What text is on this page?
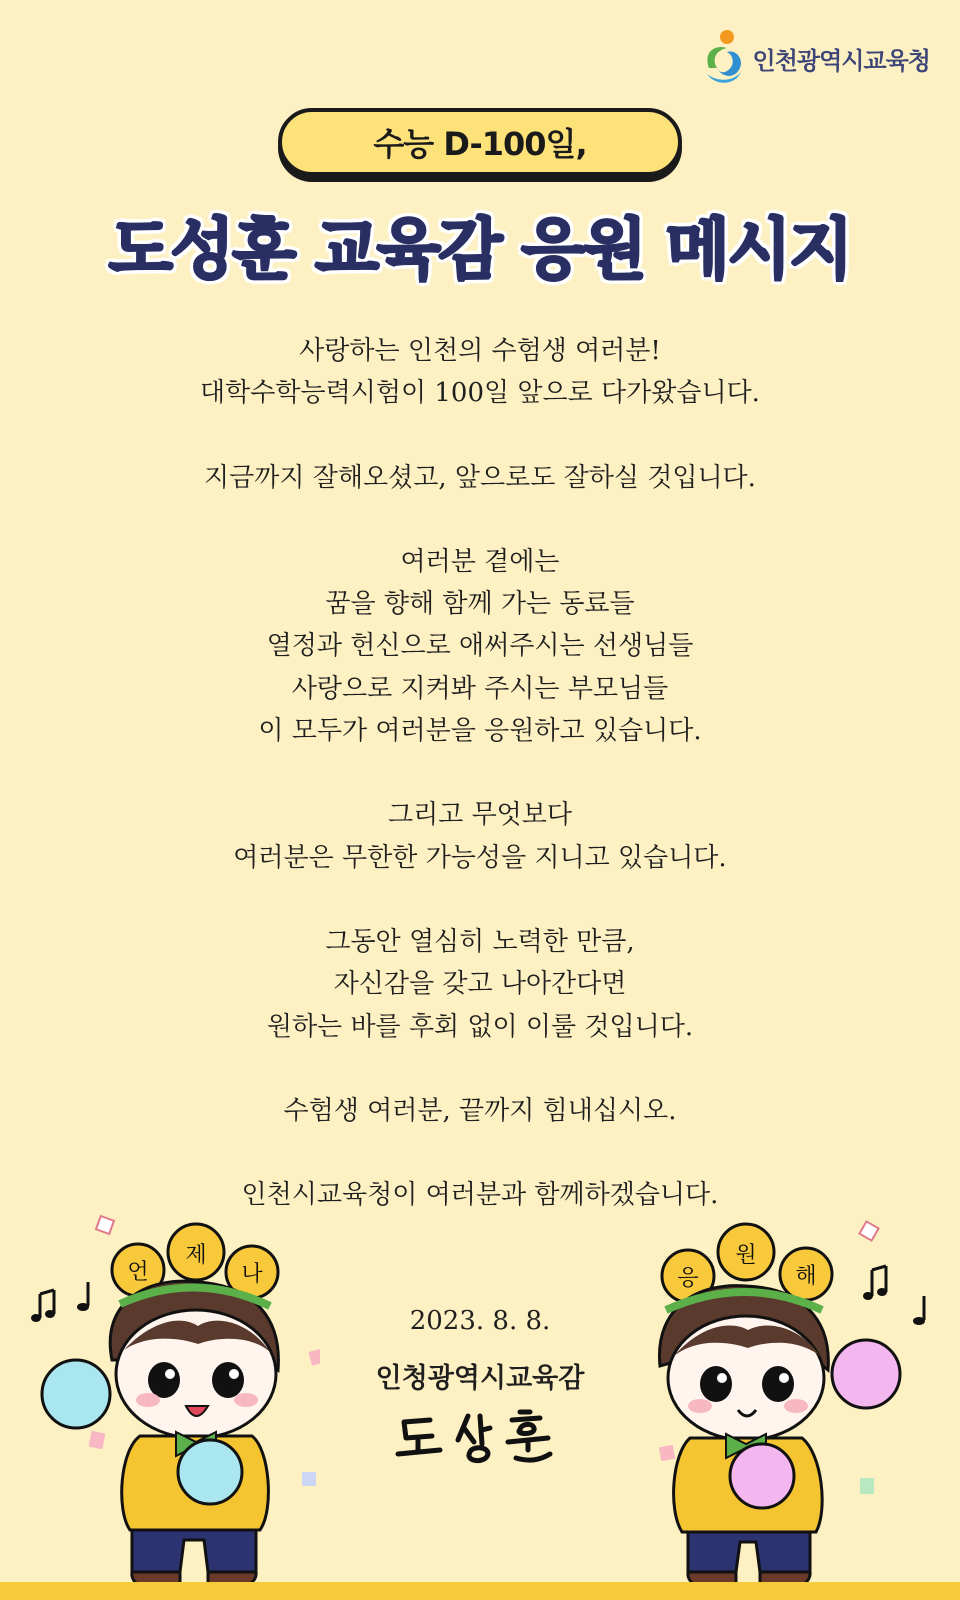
인천광역시교육청
수능 D-100일,
도성훈 교육감 응원 메시지
사랑하는 인천의 수험생 여러분!
대학수학능력시험이 100일 앞으로 다가왔습니다.
지금까지 잘해오셨고, 앞으로도 잘하실 것입니다.
여러분 곁에는
꿈을 향해 함께 가는 동료들
열정과 헌신으로 애써주시는 선생님들
사랑으로 지켜봐 주시는 부모님들
이 모두가 여러분을 응원하고 있습니다.
그리고 무엇보다
여러분은 무한한 가능성을 지니고 있습니다.
그동안 열심히 노력한 만큼,
자신감을 갖고 나아간다면
원하는 바를 후회 없이 이룰 것입니다.
수험생 여러분, 끝까지 힘내십시오.
인천시교육청이 여러분과 함께하겠습니다.
2023. 8. 8.
인청광역시교육감
언
제
나	응
원
해
